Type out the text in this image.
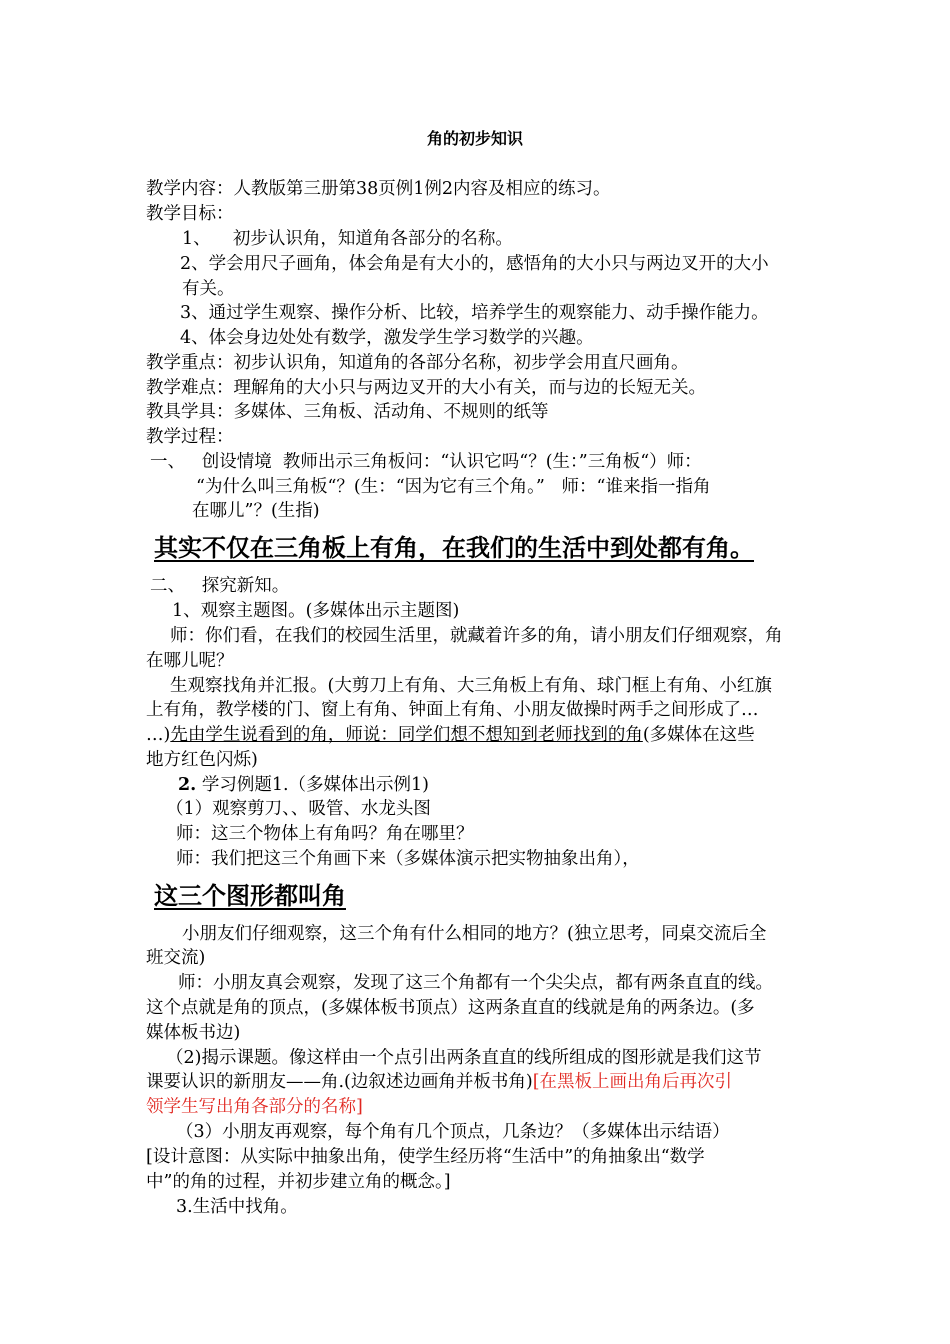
角的初步知识
教学内容：人教版第三册第38页例1例2内容及相应的练习。
教学目标：
1、    初步认识角，知道角各部分的名称。
2、学会用尺子画角，体会角是有大小的，感悟角的大小只与两边叉开的大小
有关。
3、通过学生观察、操作分析、比较，培养学生的观察能力、动手操作能力。
4、体会身边处处有数学，激发学生学习数学的兴趣。
教学重点：初步认识角，知道角的各部分名称，初步学会用直尺画角。
教学难点：理解角的大小只与两边叉开的大小有关，而与边的长短无关。
教具学具：多媒体、三角板、活动角、不规则的纸等
教学过程：
一、   创设情境  教师出示三角板问：“认识它吗“？(生：”三角板“）师：
“为什么叫三角板“？(生：“因为它有三个角。”   师：“谁来指一指角
在哪儿”？(生指)
其实不仅在三角板上有角，在我们的生活中到处都有角。
二、   探究新知。
1、观察主题图。(多媒体出示主题图)
师：你们看，在我们的校园生活里，就藏着许多的角，请小朋友们仔细观察，角
在哪儿呢？
生观察找角并汇报。(大剪刀上有角、大三角板上有角、球门框上有角、小红旗
上有角，教学楼的门、窗上有角、钟面上有角、小朋友做操时两手之间形成了…
…)先由学生说看到的角，师说：同学们想不想知到老师找到的角(多媒体在这些
地方红色闪烁)
2. 学习例题1.（多媒体出示例1)
（1）观察剪刀、、吸管、水龙头图
师：这三个物体上有角吗？角在哪里？
师：我们把这三个角画下来（多媒体演示把实物抽象出角），
这三个图形都叫角
小朋友们仔细观察，这三个角有什么相同的地方？(独立思考，同桌交流后全
班交流)
师：小朋友真会观察，发现了这三个角都有一个尖尖点，都有两条直直的线。
这个点就是角的顶点，(多媒体板书顶点）这两条直直的线就是角的两条边。(多
媒体板书边)
（2)揭示课题。像这样由一个点引出两条直直的线所组成的图形就是我们这节
课要认识的新朋友——角.(边叙述边画角并板书角)[在黑板上画出角后再次引
领学生写出角各部分的名称]
（3）小朋友再观察，每个角有几个顶点，几条边？（多媒体出示结语）
[设计意图：从实际中抽象出角，使学生经历将“生活中”的角抽象出“数学
中”的角的过程，并初步建立角的概念。]
3.生活中找角。
